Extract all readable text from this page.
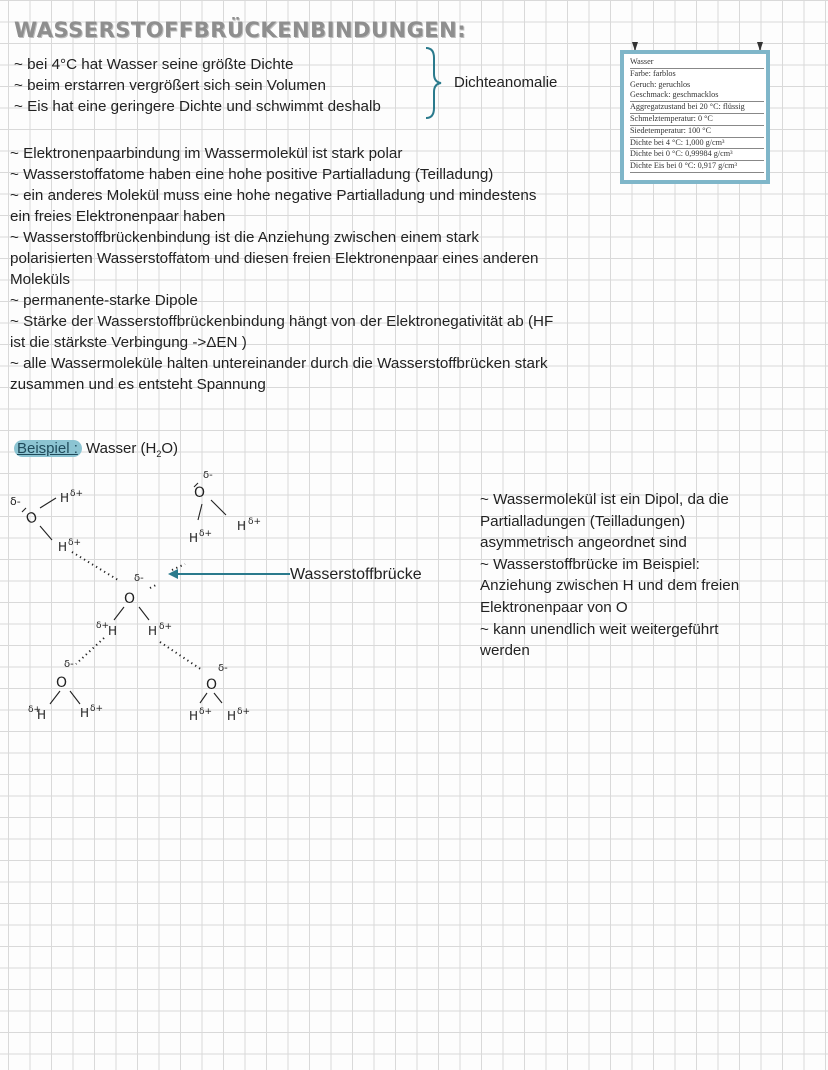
WASSERSTOFFBRÜCKENBINDUNGEN:
~ bei 4°C hat Wasser seine größte Dichte
~ beim erstarren vergrößert sich sein Volumen
~ Eis hat eine geringere Dichte und schwimmt deshalb
Dichteanomalie
Wasser
Farbe: farblos
Geruch: geruchlos
Geschmack: geschmacklos
Aggregatzustand bei 20 °C: flüssig
Schmelztemperatur: 0 °C
Siedetemperatur: 100 °C
Dichte bei 4 °C: 1,000 g/cm³
Dichte bei 0 °C: 0,99984 g/cm³
Dichte Eis bei 0 °C: 0,917 g/cm³
~ Elektronenpaarbindung im Wassermolekül ist stark polar
~ Wasserstoffatome haben eine hohe positive Partialladung (Teilladung)
~ ein anderes Molekül muss eine hohe negative Partialladung und mindestens
ein freies Elektronenpaar haben
~ Wasserstoffbrückenbindung ist die Anziehung zwischen einem stark
polarisierten Wasserstoffatom und diesen freien Elektronenpaar eines anderen
Moleküls
~ permanente-starke Dipole
~ Stärke der Wasserstoffbrückenbindung hängt von der Elektronegativität ab (HF
ist die stärkste Verbingung ->ΔEN )
~ alle Wassermoleküle halten untereinander durch die Wasserstoffbrücken stark
zusammen und es entsteht Spannung
Beispiel : Wasser $(H_2O)$
δ-
O
H δ+
H δ+
δ-
O
H δ+
H δ+
δ-
O
δ+
H	H δ+
δ-
O
δ+
H	H δ+
δ-
O
H δ+ H δ+
Wasserstoffbrücke
~ Wassermolekül ist ein Dipol, da die
Partialladungen (Teilladungen)
asymmetrisch angeordnet sind
~ Wasserstoffbrücke im Beispiel:
Anziehung zwischen H und dem freien
Elektronenpaar von O
~ kann unendlich weit weitergeführt
werden
